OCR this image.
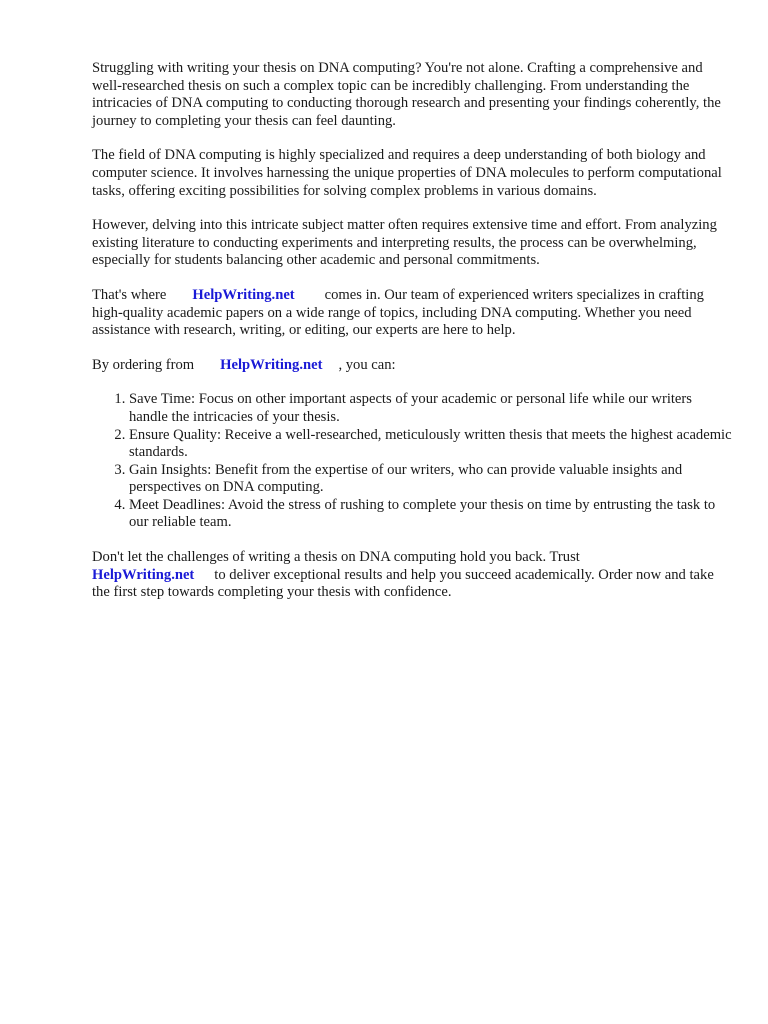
Struggling with writing your thesis on DNA computing? You're not alone. Crafting a comprehensive and well-researched thesis on such a complex topic can be incredibly challenging. From understanding the intricacies of DNA computing to conducting thorough research and presenting your findings coherently, the journey to completing your thesis can feel daunting.

The field of DNA computing is highly specialized and requires a deep understanding of both biology and computer science. It involves harnessing the unique properties of DNA molecules to perform computational tasks, offering exciting possibilities for solving complex problems in various domains.

However, delving into this intricate subject matter often requires extensive time and effort. From analyzing existing literature to conducting experiments and interpreting results, the process can be overwhelming, especially for students balancing other academic and personal commitments.

That's where HelpWriting.net comes in. Our team of experienced writers specializes in crafting high-quality academic papers on a wide range of topics, including DNA computing. Whether you need assistance with research, writing, or editing, our experts are here to help.

By ordering from HelpWriting.net , you can:

1. Save Time: Focus on other important aspects of your academic or personal life while our writers handle the intricacies of your thesis.
2. Ensure Quality: Receive a well-researched, meticulously written thesis that meets the highest academic standards.
3. Gain Insights: Benefit from the expertise of our writers, who can provide valuable insights and perspectives on DNA computing.
4. Meet Deadlines: Avoid the stress of rushing to complete your thesis on time by entrusting the task to our reliable team.

Don't let the challenges of writing a thesis on DNA computing hold you back. Trust
HelpWriting.net to deliver exceptional results and help you succeed academically. Order now and take the first step towards completing your thesis with confidence.
